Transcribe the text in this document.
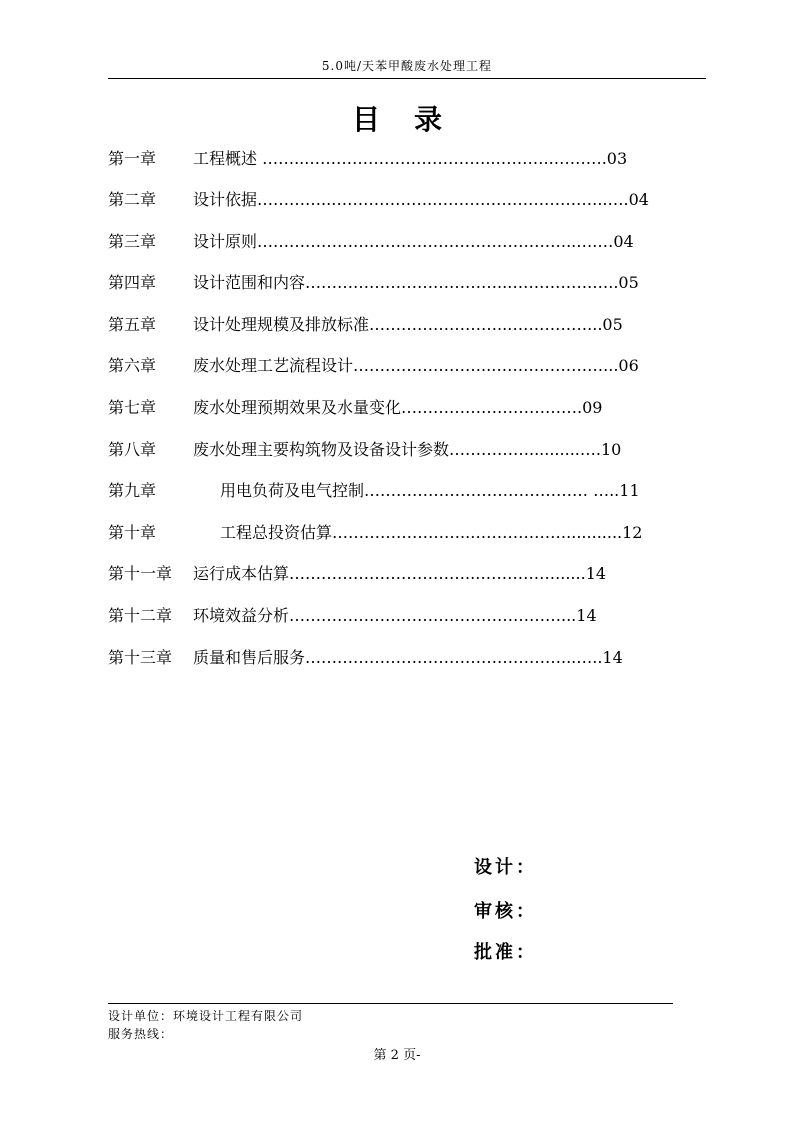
5.0吨/天苯甲酸废水处理工程
目录
第一章 工程概述 ……...……………………………..………..……….03
第二章 设计依据…………..………………..…………………………..….04
第三章 设计原则……………………….…………………………..….…04
第四章 设计范围和内容………………………………..…………….…..05
第五章 设计处理规模及排放标准……………………..……………...05
第六章 废水处理工艺流程设计……………………..…………………...06
第七章 废水处理预期效果及水量变化…………………………….09
第八章 废水处理主要构筑物及设备设计参数……………..........….10
第九章	用电负荷及电气控制…………………………………… …..11
第十章	工程总投资估算……………………..………………...........12
第十一章 运行成本估算……………………………..……………......14
第十二章 环境效益分析……………………………………………...14
第十三章 质量和售后服务…………………………………………...…..14
设计：
审核：
批准：
设计单位：环境设计工程有限公司
服务热线：
第 2 页-
